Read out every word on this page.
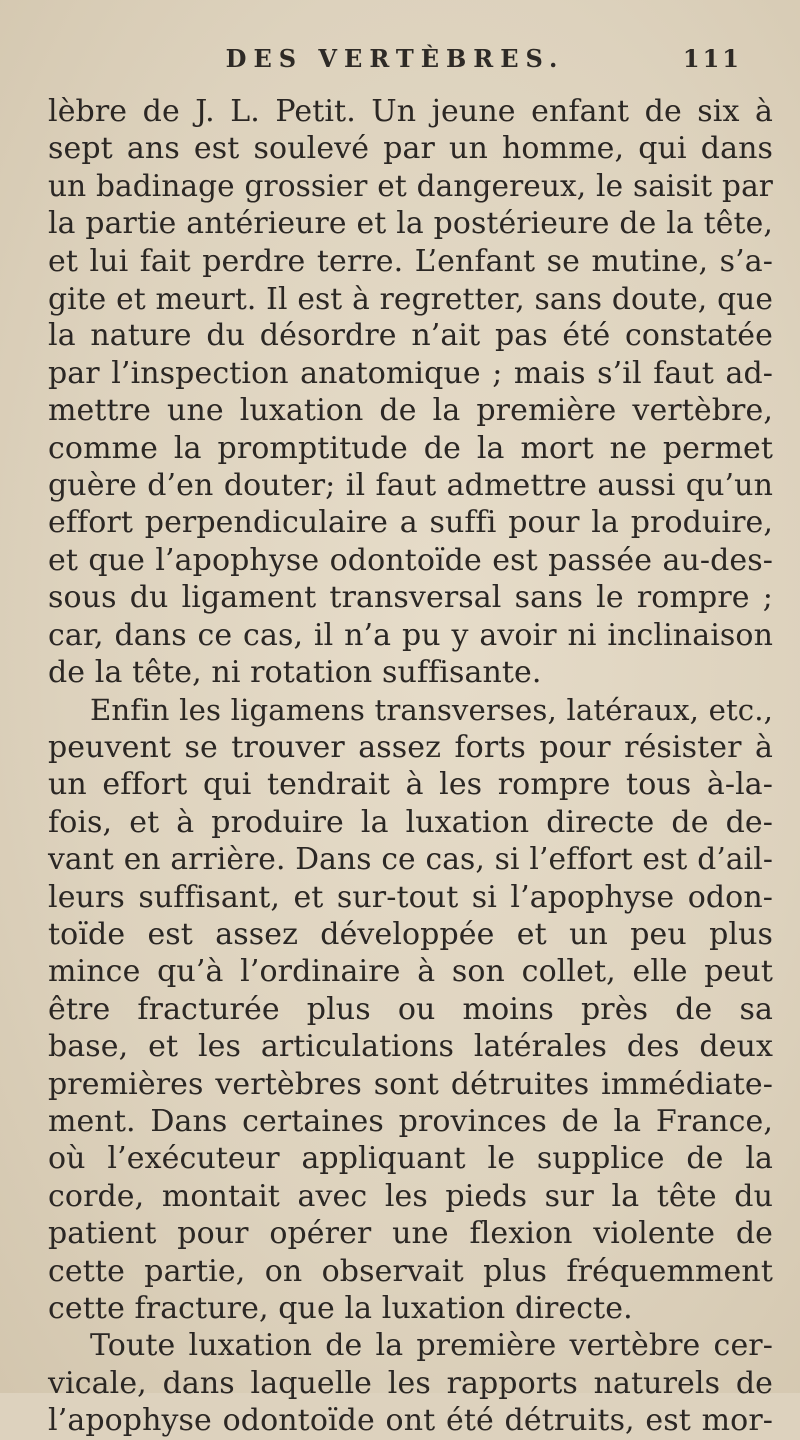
DES VERTÈBRES.	111
lèbre de J. L. Petit. Un jeune enfant de six à
sept ans est soulevé par un homme, qui dans
un badinage grossier et dangereux, le saisit par
la partie antérieure et la postérieure de la tête,
et lui fait perdre terre. L’enfant se mutine, s’a-
gite et meurt. Il est à regretter, sans doute, que
la nature du désordre n’ait pas été constatée
par l’inspection anatomique ; mais s’il faut ad-
mettre une luxation de la première vertèbre,
comme la promptitude de la mort ne permet
guère d’en douter; il faut admettre aussi qu’un
effort perpendiculaire a suffi pour la produire,
et que l’apophyse odontoïde est passée au-des-
sous du ligament transversal sans le rompre ;
car, dans ce cas, il n’a pu y avoir ni inclinaison
de la tête, ni rotation suffisante.
Enfin les ligamens transverses, latéraux, etc.,
peuvent se trouver assez forts pour résister à
un effort qui tendrait à les rompre tous à-la-
fois, et à produire la luxation directe de de-
vant en arrière. Dans ce cas, si l’effort est d’ail-
leurs suffisant, et sur-tout si l’apophyse odon-
toïde est assez développée et un peu plus
mince qu’à l’ordinaire à son collet, elle peut
être fracturée plus ou moins près de sa
base, et les articulations latérales des deux
premières vertèbres sont détruites immédiate-
ment. Dans certaines provinces de la France,
où l’exécuteur appliquant le supplice de la
corde, montait avec les pieds sur la tête du
patient pour opérer une flexion violente de
cette partie, on observait plus fréquemment
cette fracture, que la luxation directe.
Toute luxation de la première vertèbre cer-
vicale, dans laquelle les rapports naturels de
l’apophyse odontoïde ont été détruits, est mor-
